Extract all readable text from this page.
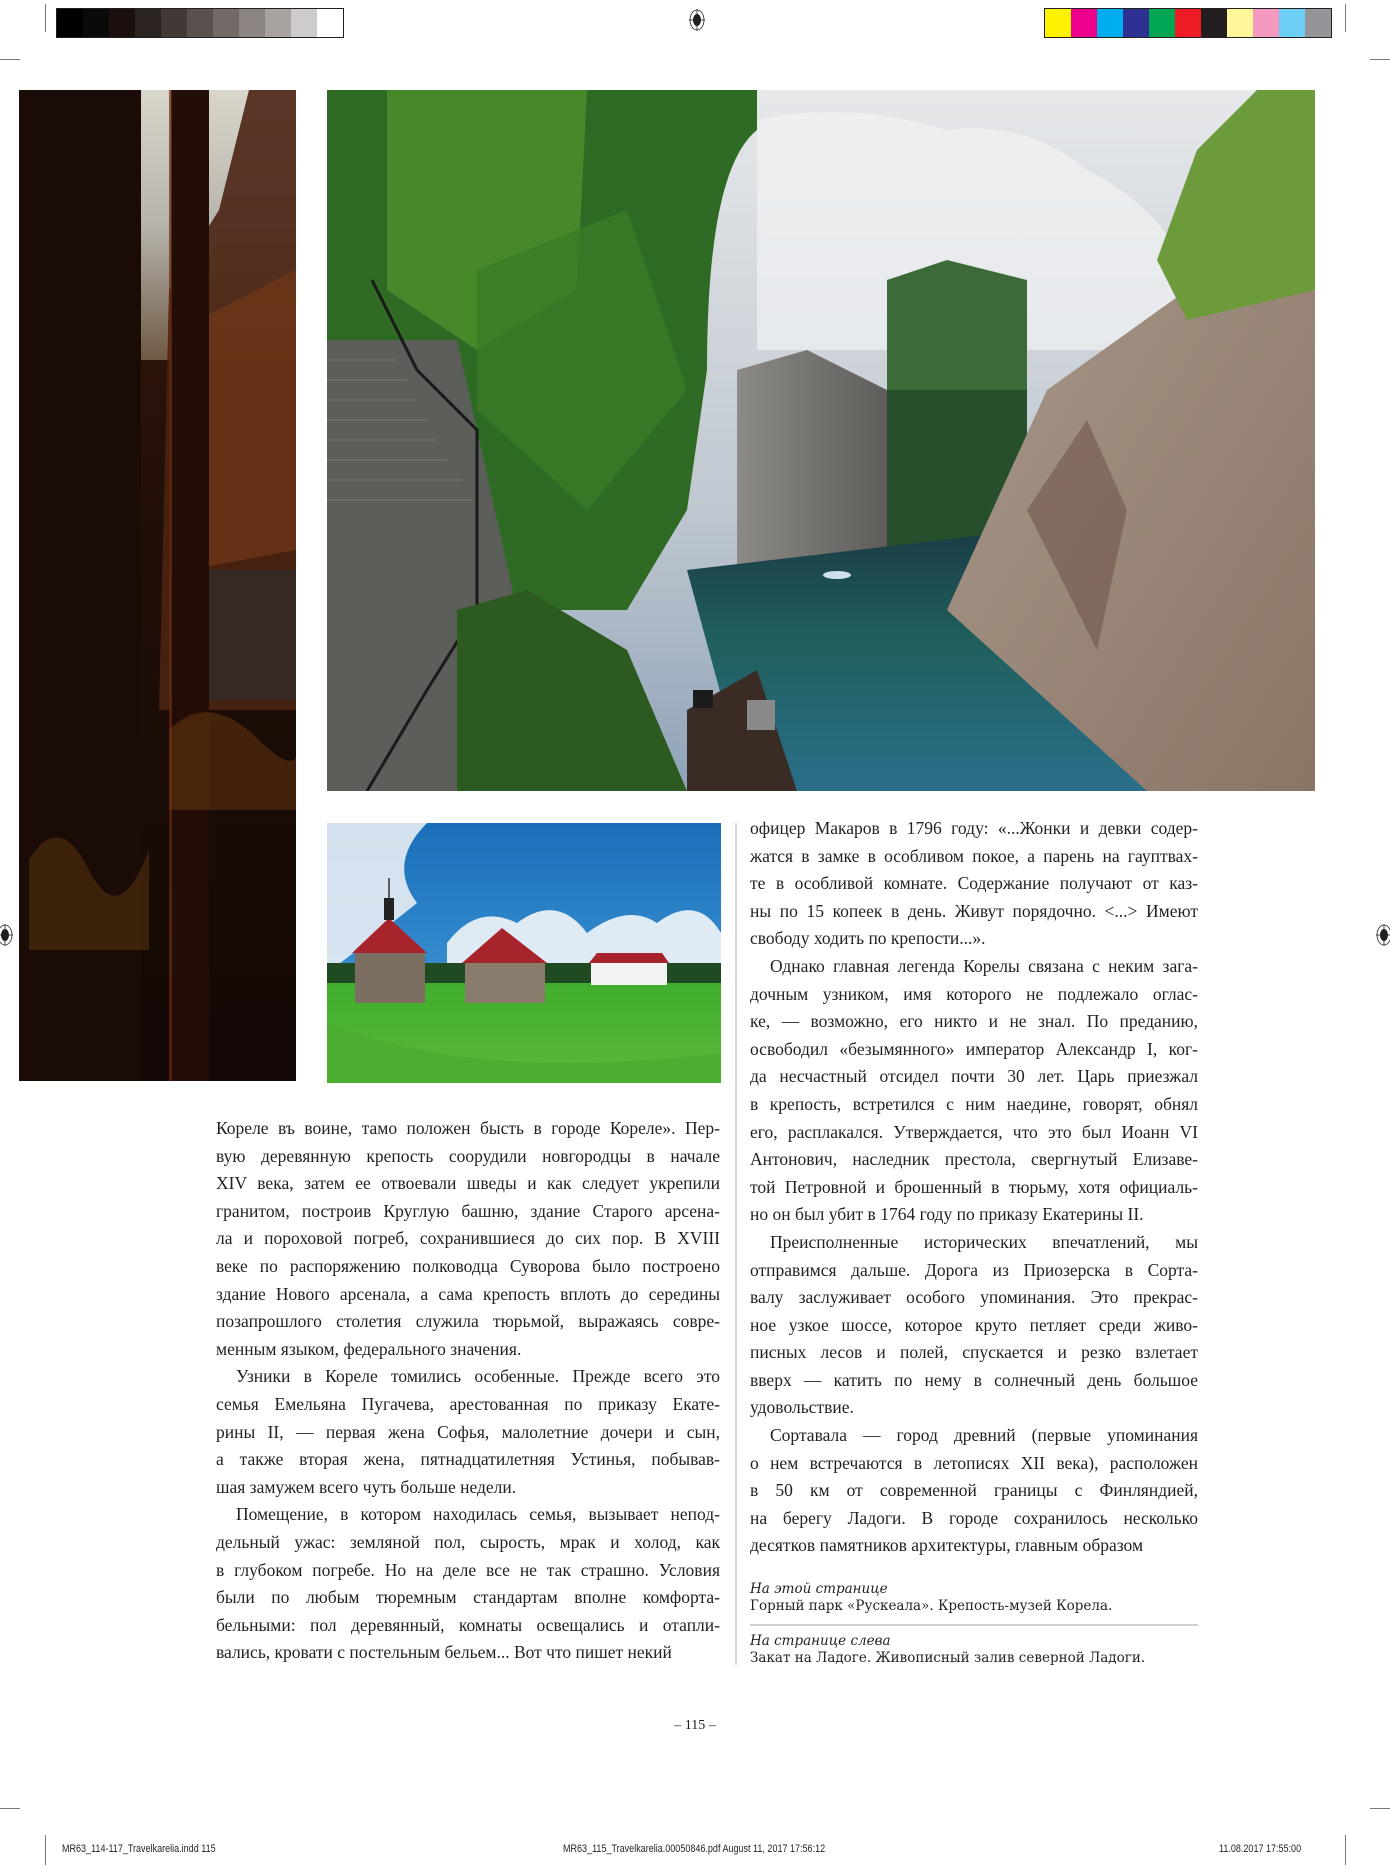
Кореле въ воине, тамо положен бысть в городе Кореле». Пер-
вую деревянную крепость соорудили новгородцы в начале
XIV века, затем ее отвоевали шведы и как следует укрепили
гранитом, построив Круглую башню, здание Старого арсена-
ла и пороховой погреб, сохранившиеся до сих пор. В XVIII
веке по распоряжению полководца Суворова было построено
здание Нового арсенала, а сама крепость вплоть до середины
позапрошлого столетия служила тюрьмой, выражаясь совре-
менным языком, федерального значения.

Узники в Кореле томились особенные. Прежде всего это
семья Емельяна Пугачева, арестованная по приказу Екате-
рины II, — первая жена Софья, малолетние дочери и сын,
а также вторая жена, пятнадцатилетняя Устинья, побывав-
шая замужем всего чуть больше недели.

Помещение, в котором находилась семья, вызывает непод-
дельный ужас: земляной пол, сырость, мрак и холод, как
в глубоком погребе. Но на деле все не так страшно. Условия
были по любым тюремным стандартам вполне комфорта-
бельными: пол деревянный, комнаты освещались и отапли-
вались, кровати с постельным бельем... Вот что пишет некий

офицер Макаров в 1796 году: «...Жонки и девки содер-
жатся в замке в особливом покое, а парень на гауптвах-
те в особливой комнате. Содержание получают от каз-
ны по 15 копеек в день. Живут порядочно. <...> Имеют
свободу ходить по крепости...».

Однако главная легенда Корелы связана с неким зага-
дочным узником, имя которого не подлежало оглас-
ке, — возможно, его никто и не знал. По преданию,
освободил «безымянного» император Александр I, ког-
да несчастный отсидел почти 30 лет. Царь приезжал
в крепость, встретился с ним наедине, говорят, обнял
его, расплакался. Утверждается, что это был Иоанн VI
Антонович, наследник престола, свергнутый Елизаве-
той Петровной и брошенный в тюрьму, хотя официаль-
но он был убит в 1764 году по приказу Екатерины II.

Преисполненные исторических впечатлений, мы
отправимся дальше. Дорога из Приозерска в Сорта-
валу заслуживает особого упоминания. Это прекрас-
ное узкое шоссе, которое круто петляет среди живо-
писных лесов и полей, спускается и резко взлетает
вверх — катить по нему в солнечный день большое
удовольствие.

Сортавала — город древний (первые упоминания
о нем встречаются в летописях XII века), расположен
в 50 км от современной границы с Финляндией,
на берегу Ладоги. В городе сохранилось несколько
десятков памятников архитектуры, главным образом

На этой странице
Горный парк «Рускеала». Крепость-музей Корела.
На странице слева
Закат на Ладоге. Живописный залив северной Ладоги.
– 115 –
MR63_114-117_Travelkarelia.indd 115	MR63_115_Travelkarelia.00050846.pdf August 11, 2017 17:56:12	11.08.2017 17:55:00
